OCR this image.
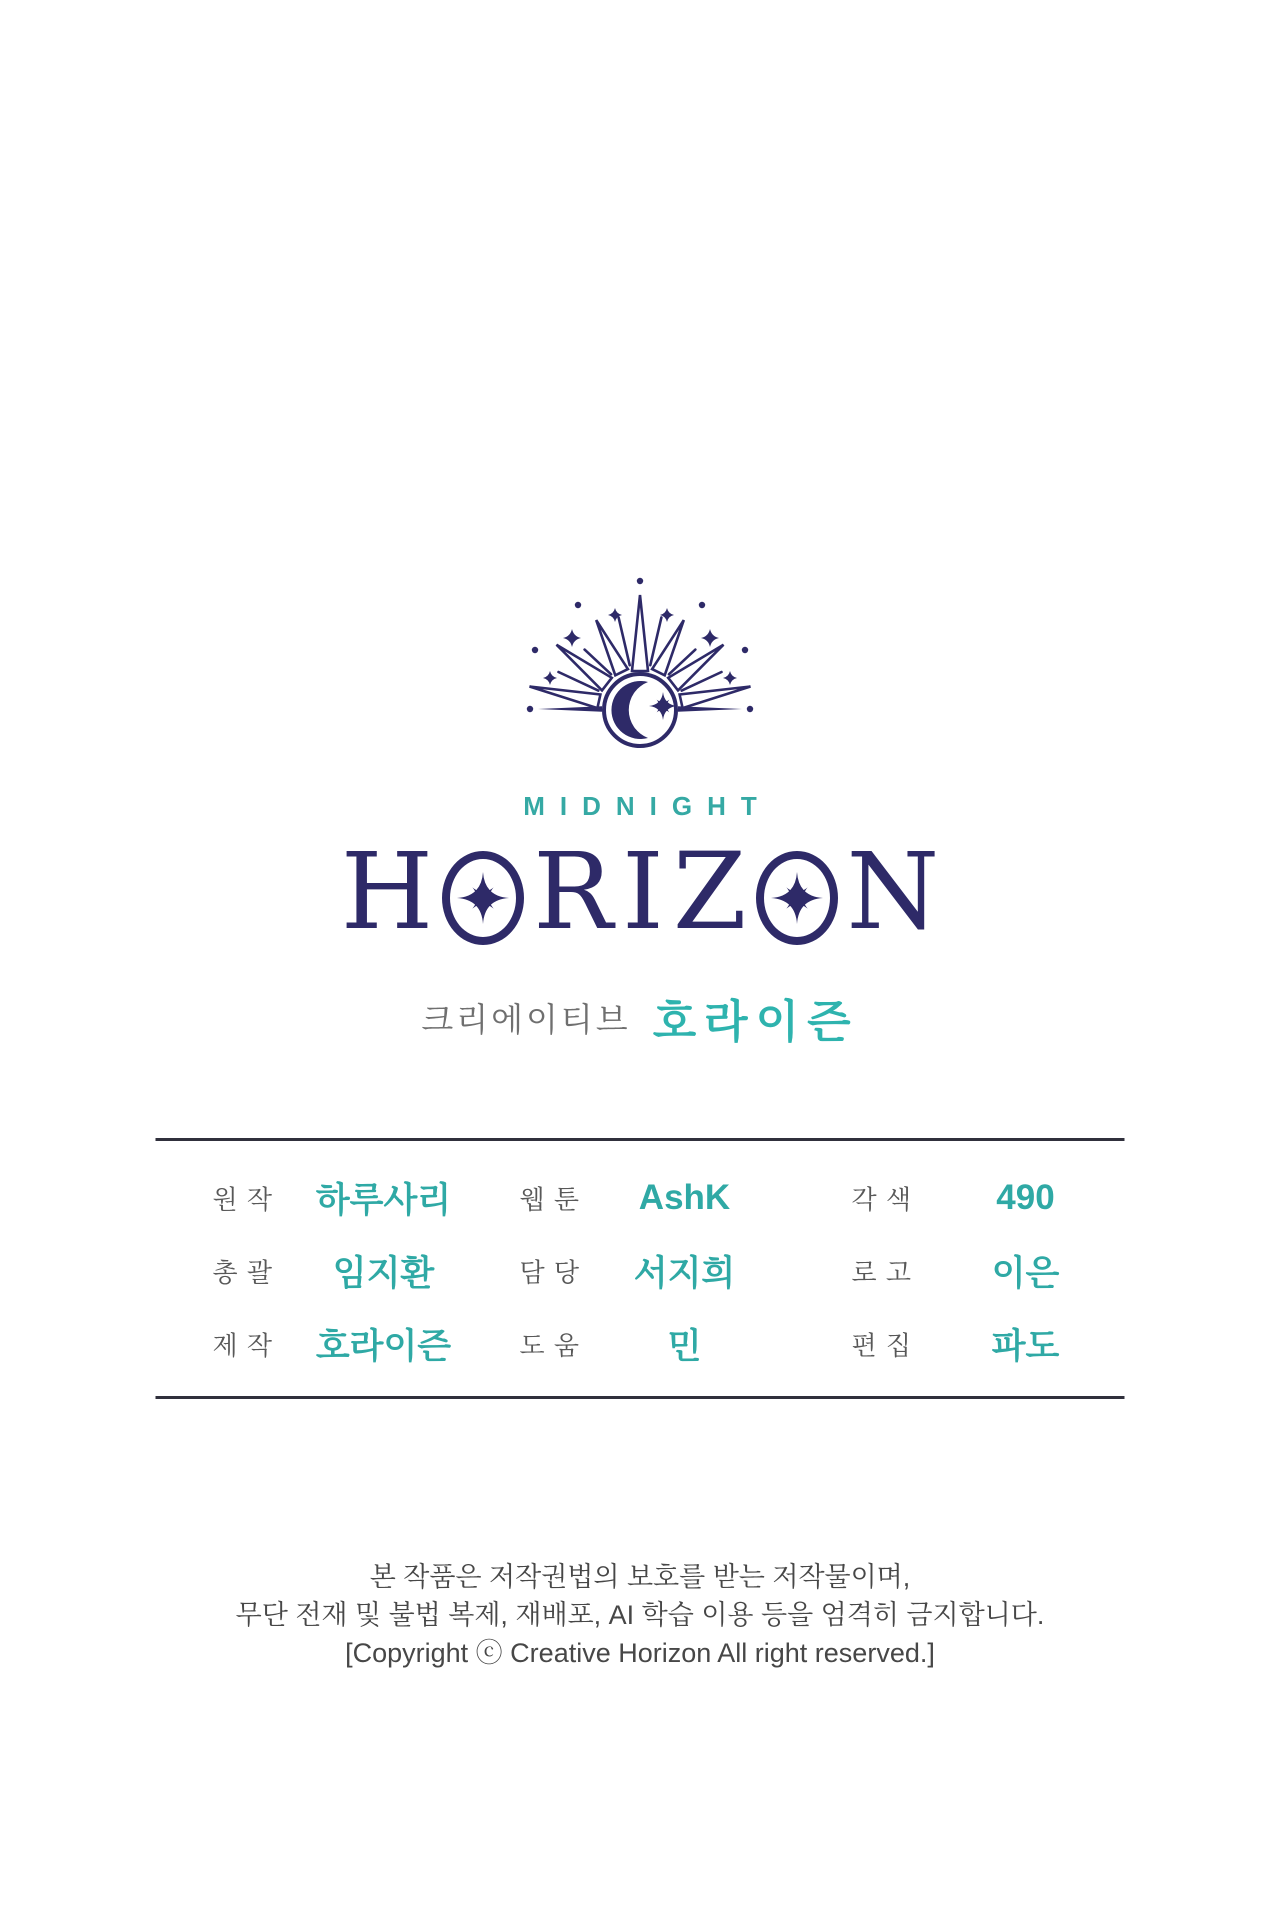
MIDNIGHT
H R I Z N
크리에이티브 호라이즌
원 작	하루사리	웹 툰	AshK	각 색	490
총 괄	임지환	담 당	서지희	로 고	이은
제 작	호라이즌	도 움	민	편 집	파도
본 작품은 저작권법의 보호를 받는 저작물이며,
무단 전재 및 불법 복제, 재배포, AI 학습 이용 등을 엄격히 금지합니다.
[Copyright ⓒ Creative Horizon All right reserved.]
